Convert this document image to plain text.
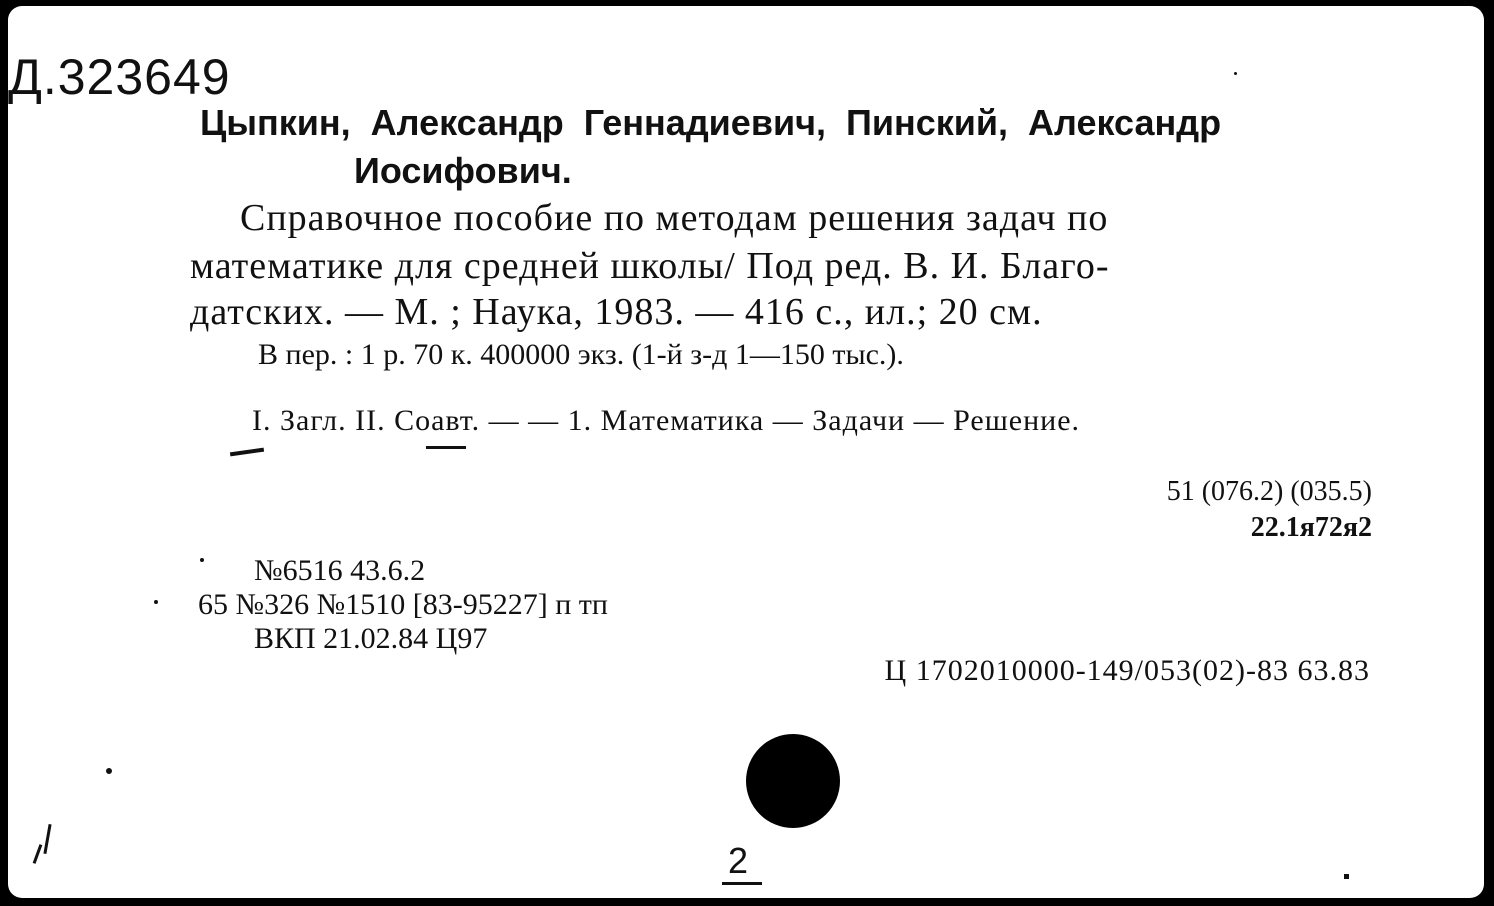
Д.323649
Цыпкин, Александр Геннадиевич, Пинский, Александр
Иосифович.
Справочное пособие по методам решения задач по
математике для средней школы/ Под ред. В. И. Благо-
датских. — М. ; Наука, 1983. — 416 с., ил.; 20 см.
В пер. : 1 р. 70 к. 400000 экз. (1-й з-д 1—150 тыс.).
I. Загл. II. Соавт. — — 1. Математика — Задачи — Решение.
51 (076.2) (035.5)
22.1я72я2
№6516 43.6.2
65 №326 №1510 [83-95227] п тп
ВКП 21.02.84 Ц97
Ц 1702010000-149/053(02)-83 63.83
2
